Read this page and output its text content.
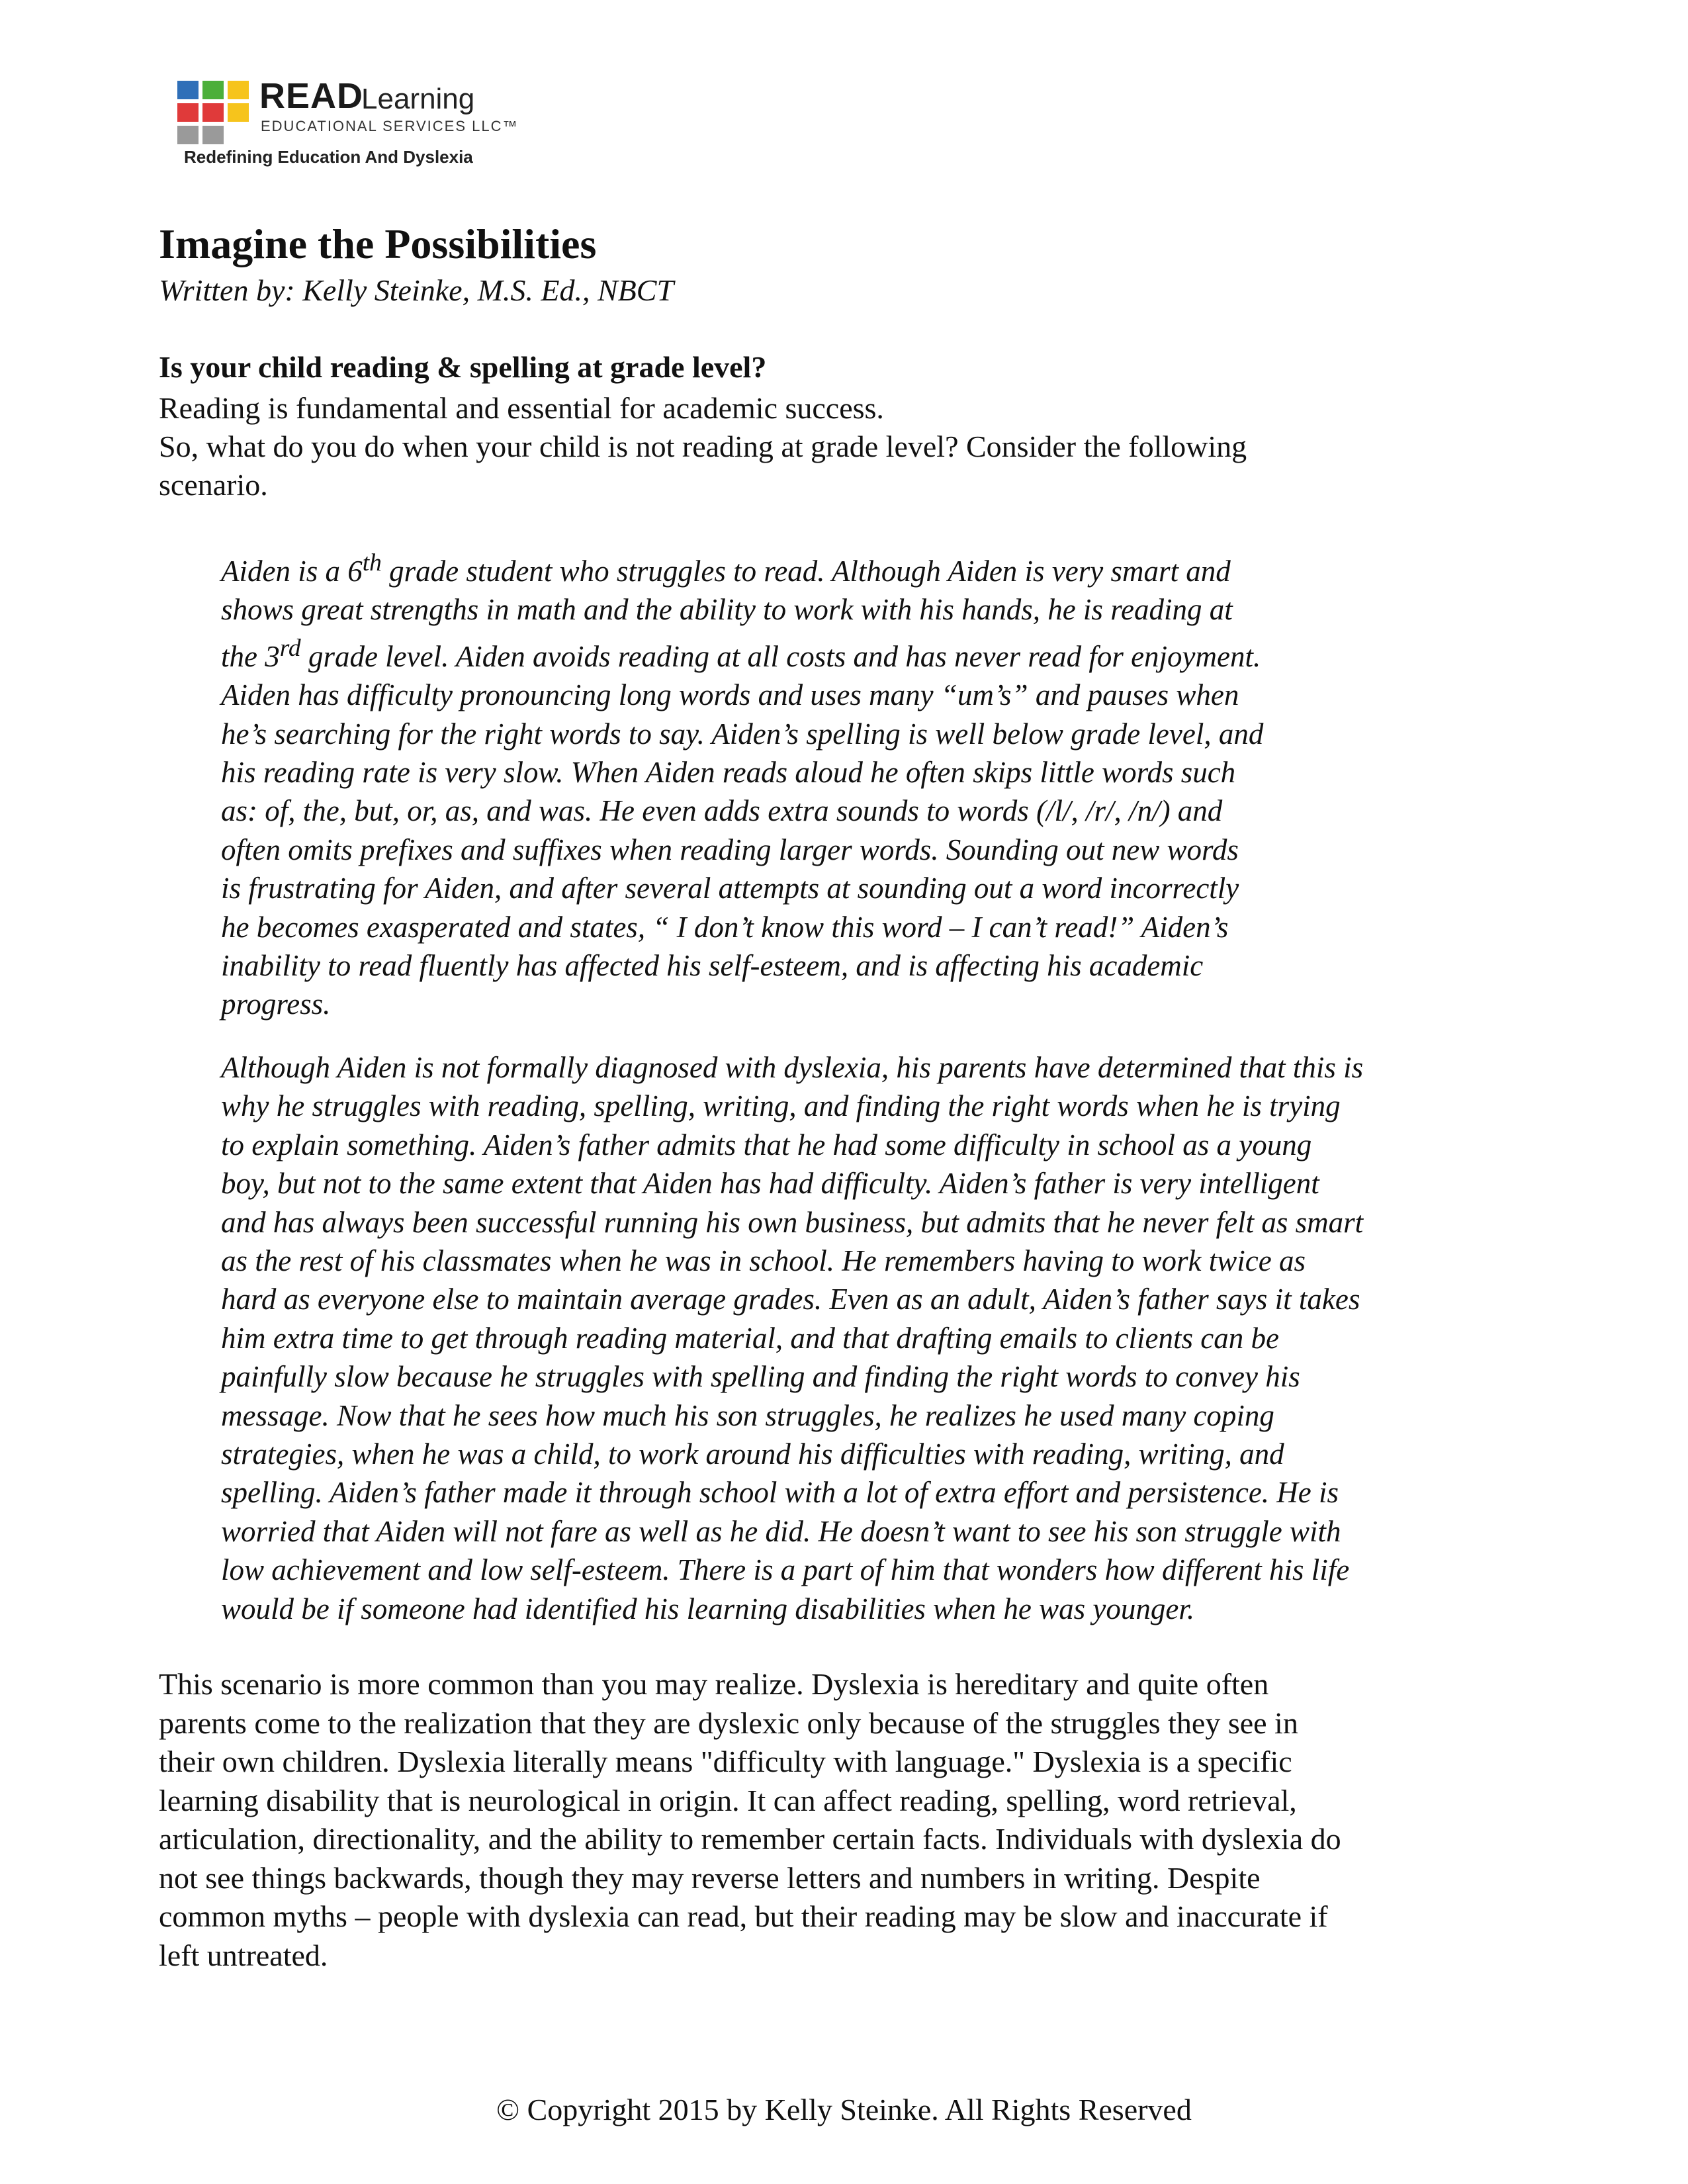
READ
Learning
EDUCATIONAL SERVICES LLC™
Redefining Education And Dyslexia
Imagine the Possibilities
Written by: Kelly Steinke, M.S. Ed., NBCT
Is your child reading & spelling at grade level?

Reading is fundamental and essential for academic success.
So, what do you do when your child is not reading at grade level? Consider the following
scenario.

Aiden is a 6th grade student who struggles to read. Although Aiden is very smart and
shows great strengths in math and the ability to work with his hands, he is reading at
the 3rd grade level. Aiden avoids reading at all costs and has never read for enjoyment.
Aiden has difficulty pronouncing long words and uses many “um’s” and pauses when
he’s searching for the right words to say. Aiden’s spelling is well below grade level, and
his reading rate is very slow. When Aiden reads aloud he often skips little words such
as: of, the, but, or, as, and was. He even adds extra sounds to words (/l/, /r/, /n/) and
often omits prefixes and suffixes when reading larger words. Sounding out new words
is frustrating for Aiden, and after several attempts at sounding out a word incorrectly
he becomes exasperated and states, “ I don’t know this word – I can’t read!” Aiden’s
inability to read fluently has affected his self-esteem, and is affecting his academic
progress.

Although Aiden is not formally diagnosed with dyslexia, his parents have determined that this is
why he struggles with reading, spelling, writing, and finding the right words when he is trying
to explain something. Aiden’s father admits that he had some difficulty in school as a young
boy, but not to the same extent that Aiden has had difficulty. Aiden’s father is very intelligent
and has always been successful running his own business, but admits that he never felt as smart
as the rest of his classmates when he was in school. He remembers having to work twice as
hard as everyone else to maintain average grades. Even as an adult, Aiden’s father says it takes
him extra time to get through reading material, and that drafting emails to clients can be
painfully slow because he struggles with spelling and finding the right words to convey his
message. Now that he sees how much his son struggles, he realizes he used many coping
strategies, when he was a child, to work around his difficulties with reading, writing, and
spelling. Aiden’s father made it through school with a lot of extra effort and persistence. He is
worried that Aiden will not fare as well as he did. He doesn’t want to see his son struggle with
low achievement and low self-esteem. There is a part of him that wonders how different his life
would be if someone had identified his learning disabilities when he was younger.

This scenario is more common than you may realize. Dyslexia is hereditary and quite often
parents come to the realization that they are dyslexic only because of the struggles they see in
their own children. Dyslexia literally means "difficulty with language." Dyslexia is a specific
learning disability that is neurological in origin. It can affect reading, spelling, word retrieval,
articulation, directionality, and the ability to remember certain facts. Individuals with dyslexia do
not see things backwards, though they may reverse letters and numbers in writing. Despite
common myths – people with dyslexia can read, but their reading may be slow and inaccurate if
left untreated.

© Copyright 2015 by Kelly Steinke. All Rights Reserved
